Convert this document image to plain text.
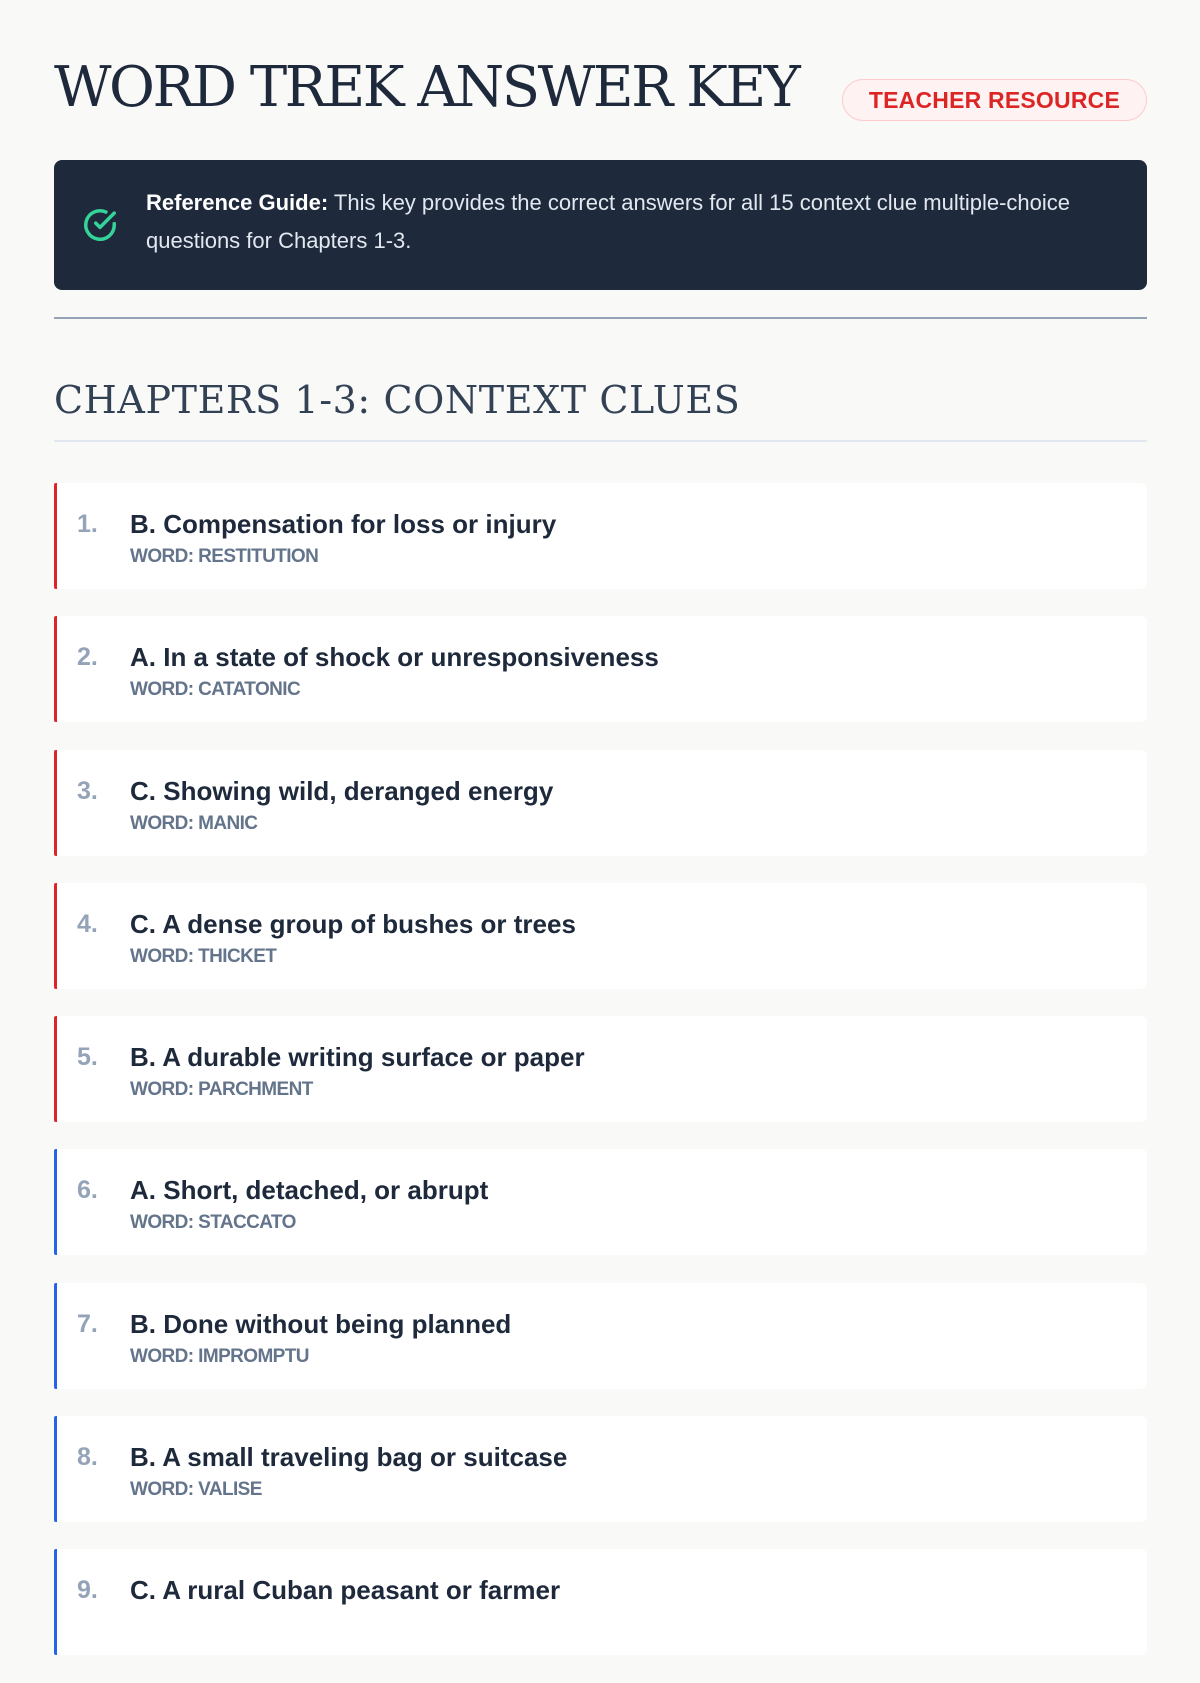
WORD TREK ANSWER KEY	TEACHER RESOURCE
Reference Guide: This key provides the correct answers for all 15 context clue multiple-choice questions for Chapters 1-3.
CHAPTERS 1-3: CONTEXT CLUES
1. B. Compensation for loss or injury
WORD: RESTITUTION
2. A. In a state of shock or unresponsiveness
WORD: CATATONIC
3. C. Showing wild, deranged energy
WORD: MANIC
4. C. A dense group of bushes or trees
WORD: THICKET
5. B. A durable writing surface or paper
WORD: PARCHMENT
6. A. Short, detached, or abrupt
WORD: STACCATO
7. B. Done without being planned
WORD: IMPROMPTU
8. B. A small traveling bag or suitcase
WORD: VALISE
9. C. A rural Cuban peasant or farmer
